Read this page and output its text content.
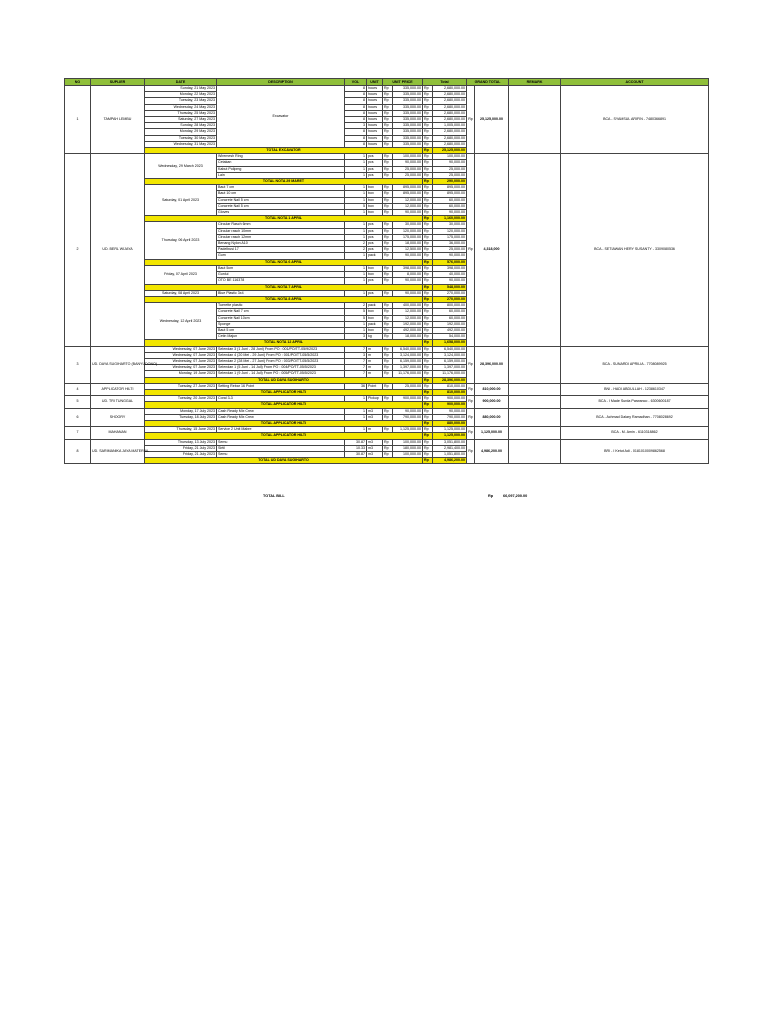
NO	SUPLIER	DATE	DESCRIPTION	VOL	UNIT	UNIT PRICE		Total		GRAND TOTAL		REMARK	ACCOUNT
1	TAMPAH LEMBU	Sunday, 21 May 2023	Excavator	8	hours	Rp	335,000.00	Rp	2,680,000.00	Rp	25,125,000.00		BCA - SYAMSUL ARIFIN - 7480366891
		Monday, 22 May 2023		8	hours	Rp	335,000.00	Rp	2,680,000.00				
		Tuesday, 23 May 2023		8	hours	Rp	335,000.00	Rp	2,680,000.00				
		Wednesday, 24 May 2023		8	hours	Rp	335,000.00	Rp	2,680,000.00				
		Thursday, 25 May 2023		8	hours	Rp	335,000.00	Rp	2,680,000.00				
		Saturday, 27 May 2023		8	hours	Rp	335,000.00	Rp	2,680,000.00				
		Sunday, 28 May 2023		3	hours	Rp	335,000.00	Rp	1,005,000.00				
		Monday, 29 May 2023		8	hours	Rp	335,000.00	Rp	2,680,000.00				
		Tuesday, 30 May 2023		8	hours	Rp	335,000.00	Rp	2,680,000.00				
		Wednesday, 31 May 2023		8	hours	Rp	335,000.00	Rp	2,680,000.00				
		TOTAL EXCAVATOR						Rp	25,125,000.00				
2	UD. BERL WIJAYA	Wednesday, 29 March 2023	Wiremesh Ring	1	pcs	Rp	100,000.00	Rp	100,000.00	Rp	4,318,000		BCA - SETIAWAN HERY SUSANTY - 3309080536
			Cetakan	1	pcs	Rp	90,000.00	Rp	90,000.00				
			Kabut Polipmg	1	pcs	Rp	25,000.00	Rp	25,000.00				
			Lain	1	pcs	Rp	25,000.00	Rp	25,000.00				
		TOTAL NOTA 29 MARET						Rp	290,000.00				
		Saturday, 01 April 2023	Baut 7 cm	1	box	Rp	895,000.00	Rp	895,000.00				
			Baut 10 cm	1	box	Rp	895,000.00	Rp	895,000.00				
			Concrete Nail 5 cm	1	box	Rp	12,000.00	Rp	60,000.00				
			Concrete Nail 5 cm	5	box	Rp	12,000.00	Rp	60,000.00				
			Gloves	1	box	Rp	90,000.00	Rp	90,000.00				
		TOTAL NOTA 1 APRIL						Rp	1,160,000.00				
		Thursday, 06 April 2023	Circular Rasch 6mm	1	pcs	Rp	30,000.00	Rp	30,000.00				
			Circular rasch 10mm	1	pcs	Rp	120,000.00	Rp	120,000.00				
			Circular rasch 12mm	1	pcs	Rp	175,000.00	Rp	175,000.00				
			Benang Nylon A10	2	pcs	Rp	18,000.00	Rp	36,000.00				
			Padelbusi 17	2	pcs	Rp	12,500.00	Rp	25,000.00				
			Gum	1	pack	Rp	90,000.00	Rp	90,000.00				
		TOTAL NOTA 6 APRIL						Rp	576,000.00				
		Friday, 07 April 2023	Baut 5cm	1	box	Rp	398,000.00	Rp	398,000.00				
			Gunlui	1	box	Rp	8,000.00	Rp	40,000.00				
			OTO BE 116378	1	pcs	Rp	90,000.00	Rp	90,000.00				
		TOTAL NOTA 7 APRIL						Rp	548,000.00				
		Saturday, 08 April 2023	Blue Plastic 3x4	1	pcs	Rp	90,000.00	Rp	270,000.00				
		TOTAL NOTA 8 APRIL						Rp	270,000.00				
		Wednesday, 12 April 2023	Tuerette plastic	2	pack	Rp	400,000.00	Rp	800,000.00				
			Concrete Nail 7 cm	5	box	Rp	12,000.00	Rp	60,000.00				
			Concrete Nail 10cm	5	box	Rp	12,000.00	Rp	60,000.00				
			Sponge	1	pack	Rp	192,000.00	Rp	192,000.00				
			Baut 5 cm	1	box	Rp	492,000.00	Rp	492,000.00				
			Cetin Majun	3	kg	Rp	18,000.00	Rp	54,000.00				
		TOTAL NOTA 12 APRIL						Rp	1,658,000.00				
3	UD. DAYA SUGIHARTO (BANYUDONO)	Wednesday, 07 June 2023	Selendan 3 (1 Juni - 28 Juni) From PO : 001/PO/TT-05/9/2023	7	m	Rp	6,540,000.00	Rp	6,540,000.00	Rp	28,396,000.00		BCA - SUNARDI APRILIA - 7708089925
		Wednesday, 07 June 2023	Selendan 4 (20 Mei - 29 Juni) From PO : 001/PO/TT-05/5/2023	3	m	Rp	3,124,000.00	Rp	3,124,000.00				
		Wednesday, 07 June 2023	Selendan 2 (28 Mei - 27 Juni) From PO : 003/PO/TT-05/5/2023	7	m	Rp	6,159,000.00	Rp	6,159,000.00				
		Wednesday, 07 June 2023	Selendan 1 (5 Juni - 14 Juli) From PO : 004/PO/TT-05/5/2023	7	m	Rp	1,397,000.00	Rp	1,397,000.00				
		Monday, 19 June 2023	Selendan 1 (9 Juni - 14 Juli) From PO : 005/PO/TT-05/5/2023	7	m	Rp	11,176,000.00	Rp	11,176,000.00				
		TOTAL UD DAYA SUGIHARTO						Rp	28,396,000.00				
4	APPLICATOR HILTI	Tuesday, 27 June 2023	Setting Rebar 16 Point	36	Point	Rp	25,000.00	Rp	810,000.00	Rp	810,000.00		BNI - HADI ABDULLAH - 1238610347
		TOTAL APPLICATOR HILTI						Rp	810,000.00				
5	UD. TRI TUNGGAL	Tuesday, 20 June 2023	Coral 3-3	1	Pickup	Rp	900,000.00	Rp	900,000.00	Rp	900,000.00		BCA - I Made Surda Parwanco - 6300600187
		TOTAL APPLICATOR HILTI						Rp	900,000.00				
6	SHOORY	Monday, 17 July 2023	Cash Ready Mix Crew	1	m3	Rp	90,000.00	Rp	90,000.00	Rp	880,000.00		BCA - Achmad Dalary Ramadhan - 7708028692
		Tuesday, 18 July 2023	Cash Ready Mix Crew	1	m3	Rp	790,000.00	Rp	790,000.00				
		TOTAL APPLICATOR HILTI						Rp	880,000.00				
7	MAHANAN	Thursday, 15 June 2023	Service 2 Unit Mabre	1	m	Rp	1,125,000.00	Rp	1,125,000.00	Rp	1,125,000.00		BCA - M. Amin - 6110318862
		TOTAL APPLICATOR HILTI						Rp	1,125,000.00				
8	UD. SARIMANIKA JAYA MATERIAL	Thursday, 13 July 2023	Semu	30.87	m3	Rp	100,000.00	Rp	3,051,800.00	Rp	4,986,200.00		BRI - I Ketut Adi - 0181010009862568
		Friday, 21 July 2023	Sirtil	10.33	m3	Rp	180,000.00	Rp	2,981,400.00				
		Friday, 21 July 2023	Semu	30.87	m3	Rp	100,000.00	Rp	1,051,800.00				
		TOTAL UD DAYA SUGIHARTO						Rp	4,986,200.00				
TOTAL BILL	Rp	66,097,200.00
